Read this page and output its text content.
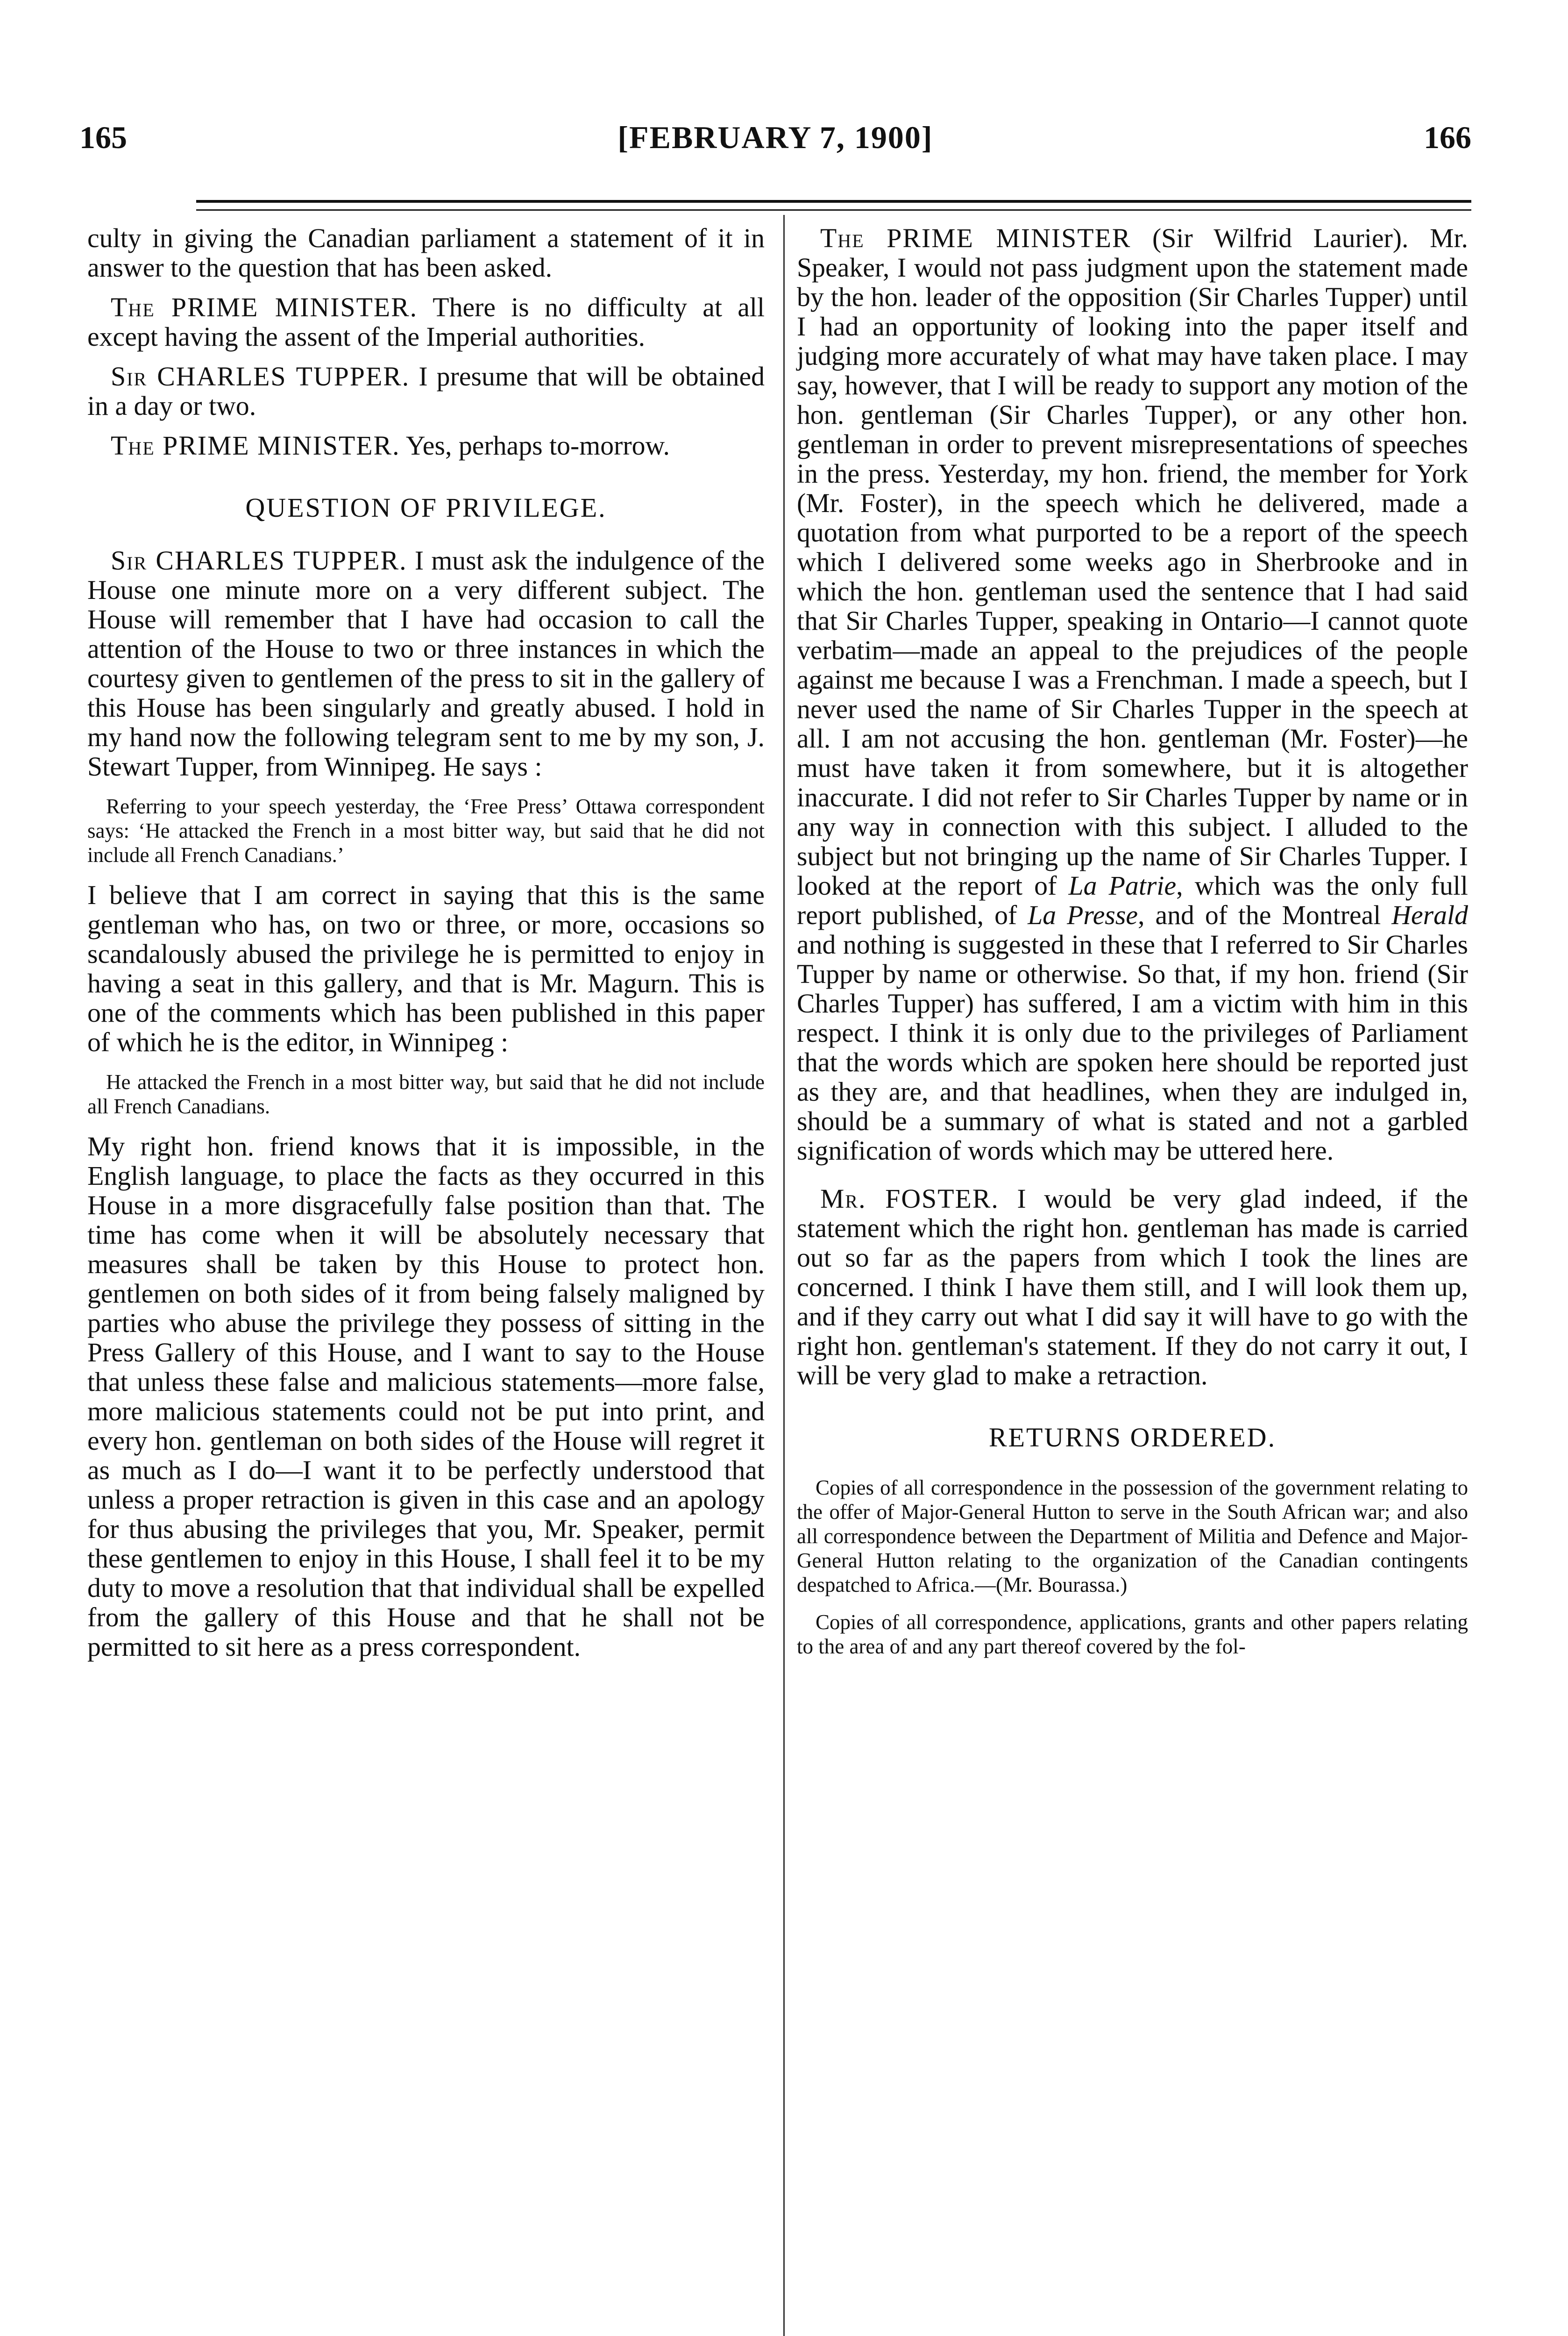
165	[FEBRUARY 7, 1900]	166

culty in giving the Canadian parliament a statement of it in answer to the question that has been asked.

The PRIME MINISTER. There is no difficulty at all except having the assent of the Imperial authorities.

Sir CHARLES TUPPER. I presume that will be obtained in a day or two.

The PRIME MINISTER. Yes, perhaps to-morrow.

QUESTION OF PRIVILEGE.

Sir CHARLES TUPPER. I must ask the indulgence of the House one minute more on a very different subject. The House will remember that I have had occasion to call the attention of the House to two or three instances in which the courtesy given to gentlemen of the press to sit in the gallery of this House has been singularly and greatly abused. I hold in my hand now the following telegram sent to me by my son, J. Stewart Tupper, from Winnipeg. He says :

Referring to your speech yesterday, the ‘Free Press’ Ottawa correspondent says: ‘He attacked the French in a most bitter way, but said that he did not include all French Canadians.’

I believe that I am correct in saying that this is the same gentleman who has, on two or three, or more, occasions so scandalously abused the privilege he is permitted to enjoy in having a seat in this gallery, and that is Mr. Magurn. This is one of the comments which has been published in this paper of which he is the editor, in Winnipeg :

He attacked the French in a most bitter way, but said that he did not include all French Canadians.

My right hon. friend knows that it is impossible, in the English language, to place the facts as they occurred in this House in a more disgracefully false position than that. The time has come when it will be absolutely necessary that measures shall be taken by this House to protect hon. gentlemen on both sides of it from being falsely maligned by parties who abuse the privilege they possess of sitting in the Press Gallery of this House, and I want to say to the House that unless these false and malicious statements—more false, more malicious statements could not be put into print, and every hon. gentleman on both sides of the House will regret it as much as I do—I want it to be perfectly understood that unless a proper retraction is given in this case and an apology for thus abusing the privileges that you, Mr. Speaker, permit these gentlemen to enjoy in this House, I shall feel it to be my duty to move a resolution that that individual shall be expelled from the gallery of this House and that he shall not be permitted to sit here as a press correspondent.

The PRIME MINISTER (Sir Wilfrid Laurier). Mr. Speaker, I would not pass judgment upon the statement made by the hon. leader of the opposition (Sir Charles Tupper) until I had an opportunity of looking into the paper itself and judging more accurately of what may have taken place. I may say, however, that I will be ready to support any motion of the hon. gentleman (Sir Charles Tupper), or any other hon. gentleman in order to prevent misrepresentations of speeches in the press. Yesterday, my hon. friend, the member for York (Mr. Foster), in the speech which he delivered, made a quotation from what purported to be a report of the speech which I delivered some weeks ago in Sherbrooke and in which the hon. gentleman used the sentence that I had said that Sir Charles Tupper, speaking in Ontario—I cannot quote verbatim—made an appeal to the prejudices of the people against me because I was a Frenchman. I made a speech, but I never used the name of Sir Charles Tupper in the speech at all. I am not accusing the hon. gentleman (Mr. Foster)—he must have taken it from somewhere, but it is altogether inaccurate. I did not refer to Sir Charles Tupper by name or in any way in connection with this subject. I alluded to the subject but not bringing up the name of Sir Charles Tupper. I looked at the report of La Patrie, which was the only full report published, of La Presse, and of the Montreal Herald and nothing is suggested in these that I referred to Sir Charles Tupper by name or otherwise. So that, if my hon. friend (Sir Charles Tupper) has suffered, I am a victim with him in this respect. I think it is only due to the privileges of Parliament that the words which are spoken here should be reported just as they are, and that headlines, when they are indulged in, should be a summary of what is stated and not a garbled signification of words which may be uttered here.

Mr. FOSTER. I would be very glad indeed, if the statement which the right hon. gentleman has made is carried out so far as the papers from which I took the lines are concerned. I think I have them still, and I will look them up, and if they carry out what I did say it will have to go with the right hon. gentleman's statement. If they do not carry it out, I will be very glad to make a retraction.

RETURNS ORDERED.

Copies of all correspondence in the possession of the government relating to the offer of Major-General Hutton to serve in the South African war; and also all correspondence between the Department of Militia and Defence and Major-General Hutton relating to the organization of the Canadian contingents despatched to Africa.—(Mr. Bourassa.)

Copies of all correspondence, applications, grants and other papers relating to the area of and any part thereof covered by the fol-
